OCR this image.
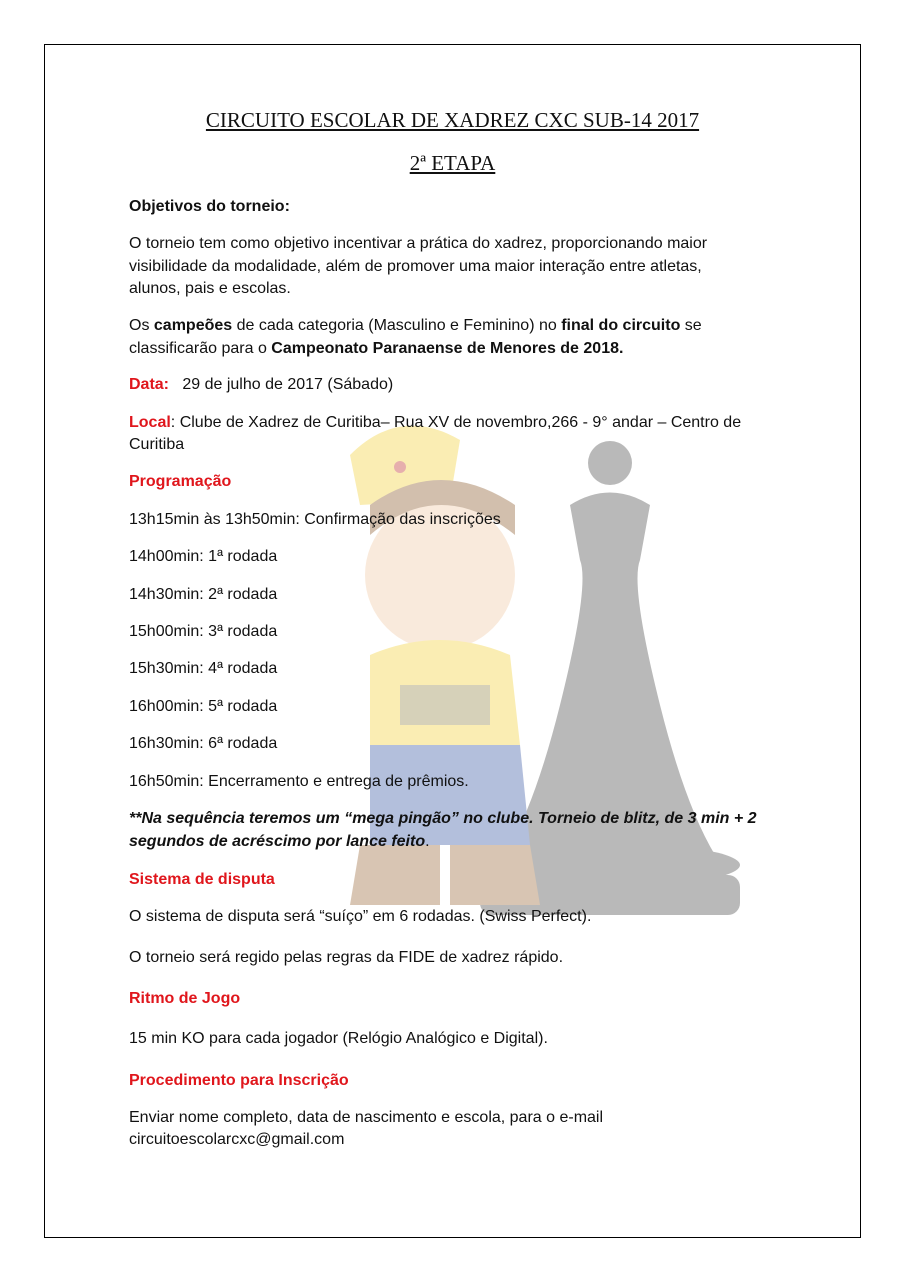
CIRCUITO ESCOLAR DE XADREZ CXC SUB-14 2017
2ª ETAPA
Objetivos do torneio:
O torneio tem como objetivo incentivar a prática do xadrez, proporcionando maior
visibilidade da modalidade, além de promover uma maior interação entre atletas,
alunos, pais e escolas.
Os campeões de cada categoria (Masculino e Feminino) no final do circuito se
classificarão para o Campeonato Paranaense de Menores de 2018.
Data: 29 de julho de 2017 (Sábado)
Local: Clube de Xadrez de Curitiba– Rua XV de novembro,266 - 9° andar – Centro de
Curitiba
Programação
13h15min às 13h50min: Confirmação das inscrições
14h00min: 1ª rodada
14h30min: 2ª rodada
15h00min: 3ª rodada
15h30min: 4ª rodada
16h00min: 5ª rodada
16h30min: 6ª rodada
16h50min: Encerramento e entrega de prêmios.
**Na sequência teremos um “mega pingão” no clube. Torneio de blitz, de 3 min + 2
segundos de acréscimo por lance feito.
Sistema de disputa
O sistema de disputa será “suíço” em 6 rodadas. (Swiss Perfect).
O torneio será regido pelas regras da FIDE de xadrez rápido.
Ritmo de Jogo
15 min KO para cada jogador (Relógio Analógico e Digital).
Procedimento para Inscrição
Enviar nome completo, data de nascimento e escola, para o e-mail
circuitoescolarcxc@gmail.com
